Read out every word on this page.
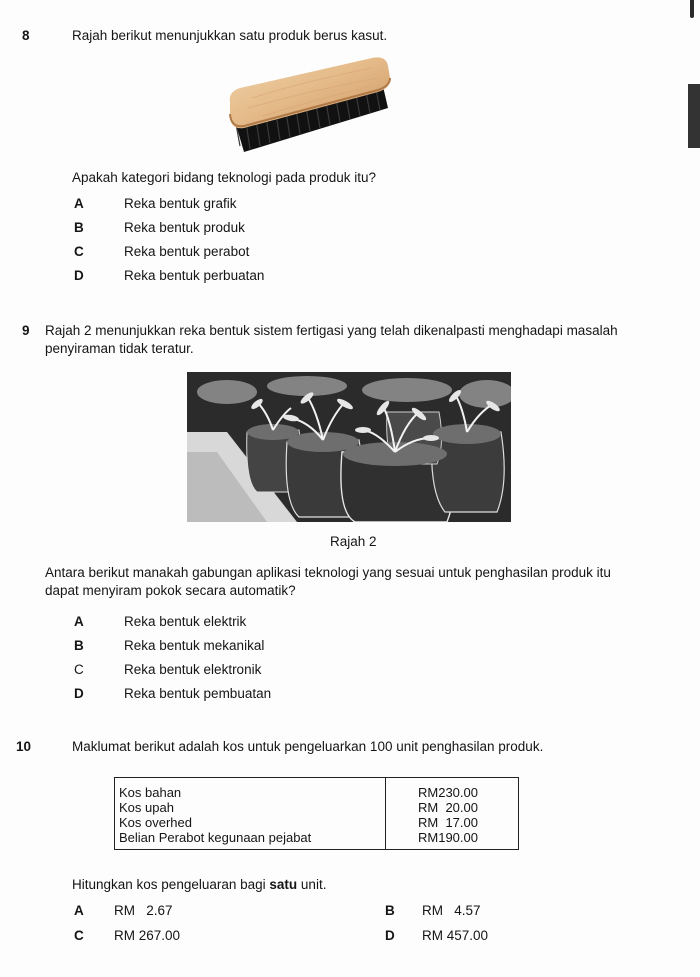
8	Rajah berikut menunjukkan satu produk berus kasut.
Apakah kategori bidang teknologi pada produk itu?
A	Reka bentuk grafik
B	Reka bentuk produk
C	Reka bentuk perabot
D	Reka bentuk perbuatan
9 Rajah 2 menunjukkan reka bentuk sistem fertigasi yang telah dikenalpasti menghadapi masalah
penyiraman tidak teratur.
Rajah 2
Antara berikut manakah gabungan aplikasi teknologi yang sesuai untuk penghasilan produk itu
dapat menyiram pokok secara automatik?
A	Reka bentuk elektrik
B	Reka bentuk mekanikal
C	Reka bentuk elektronik
D	Reka bentuk pembuatan
10	Maklumat berikut adalah kos untuk pengeluarkan 100 unit penghasilan produk.
Kos bahan	RM230.00
Kos upah	RM  20.00
Kos overhed	RM  17.00
Belian Perabot kegunaan pejabat	RM190.00
Hitungkan kos pengeluaran bagi satu unit.
A RM   2.67	B RM   4.57
C RM 267.00	D RM 457.00
